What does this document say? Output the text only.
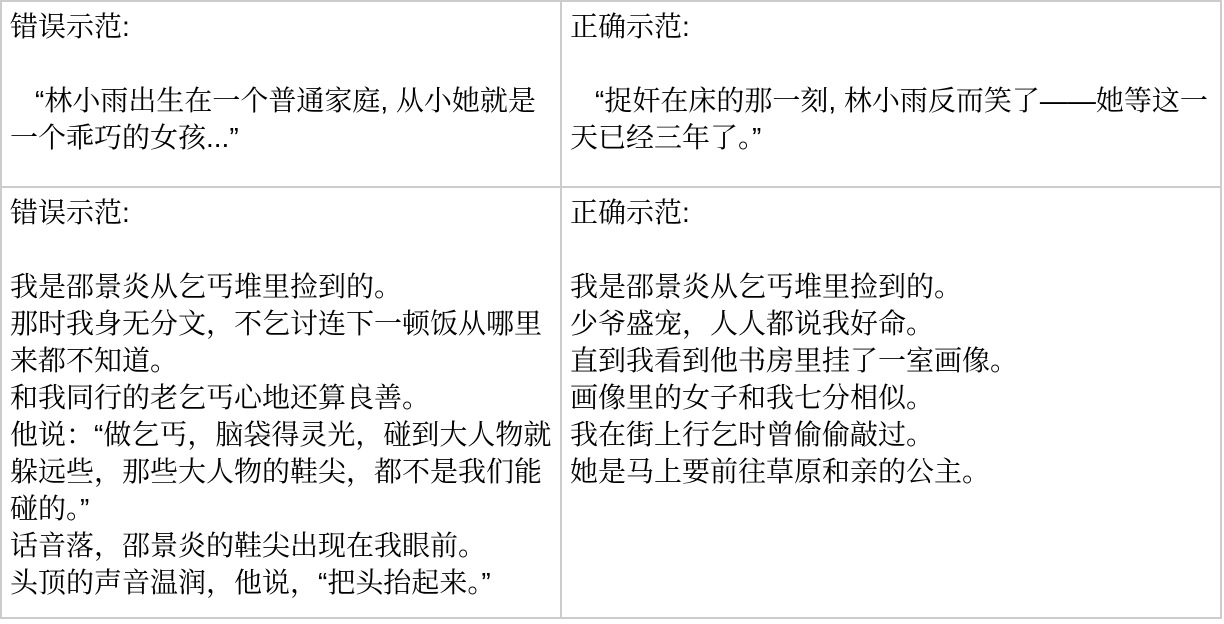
错误示范:

“林小雨出生在一个普通家庭, 从小她就是一个乖巧的女孩...”

正确示范:

“捉奸在床的那一刻, 林小雨反而笑了——她等这一天已经三年了。”

错误示范:

我是邵景炎从乞丐堆里捡到的。

那时我身无分文，不乞讨连下一顿饭从哪里来都不知道。

和我同行的老乞丐心地还算良善。

他说：“做乞丐，脑袋得灵光，碰到大人物就躲远些，那些大人物的鞋尖，都不是我们能碰的。”

话音落，邵景炎的鞋尖出现在我眼前。

头顶的声音温润，他说，“把头抬起来。”

正确示范:

我是邵景炎从乞丐堆里捡到的。

少爷盛宠，人人都说我好命。

直到我看到他书房里挂了一室画像。

画像里的女子和我七分相似。

我在街上行乞时曾偷偷敲过。

她是马上要前往草原和亲的公主。
